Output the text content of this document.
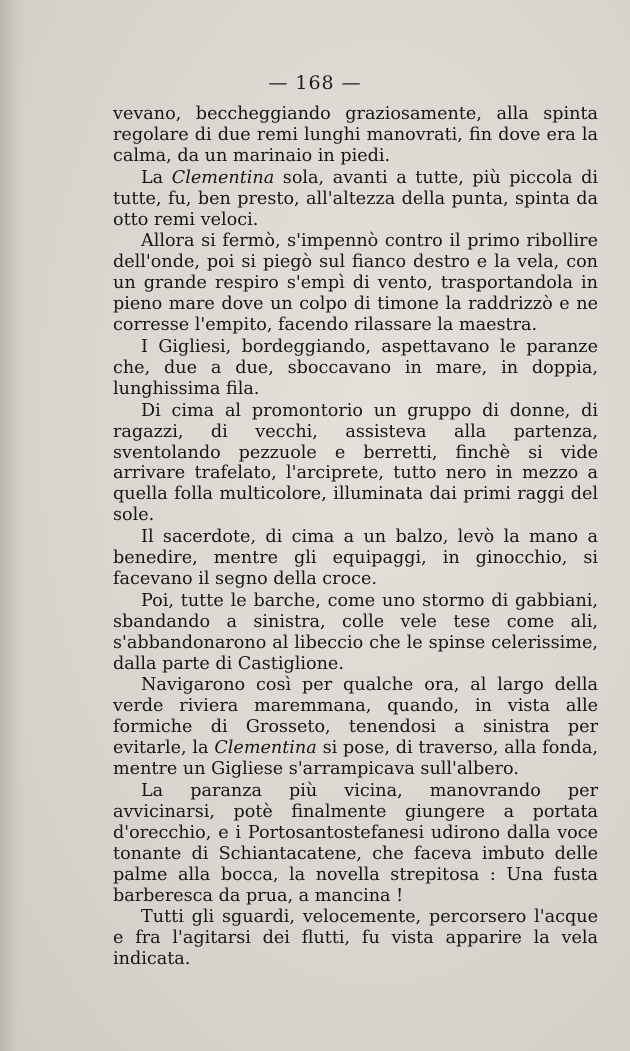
— 168 —

vevano, beccheggiando graziosamente, alla spinta regolare di due remi lunghi manovrati, fin dove era la calma, da un marinaio in piedi.

La Clementina sola, avanti a tutte, più piccola di tutte, fu, ben presto, all'altezza della punta, spinta da otto remi veloci.

Allora si fermò, s'impennò contro il primo ribollire dell'onde, poi si piegò sul fianco destro e la vela, con un grande respiro s'empì di vento, trasportandola in pieno mare dove un colpo di timone la raddrizzò e ne corresse l'empito, facendo rilassare la maestra.

I Gigliesi, bordeggiando, aspettavano le paranze che, due a due, sboccavano in mare, in doppia, lunghissima fila.

Di cima al promontorio un gruppo di donne, di ragazzi, di vecchi, assisteva alla partenza, sventolando pezzuole e berretti, finchè si vide arrivare trafelato, l'arciprete, tutto nero in mezzo a quella folla multicolore, illuminata dai primi raggi del sole.

Il sacerdote, di cima a un balzo, levò la mano a benedire, mentre gli equipaggi, in ginocchio, si facevano il segno della croce.

Poi, tutte le barche, come uno stormo di gabbiani, sbandando a sinistra, colle vele tese come ali, s'abbandonarono al libeccio che le spinse celerissime, dalla parte di Castiglione.

Navigarono così per qualche ora, al largo della verde riviera maremmana, quando, in vista alle formiche di Grosseto, tenendosi a sinistra per evitarle, la Clementina si pose, di traverso, alla fonda, mentre un Gigliese s'arrampicava sull'albero.

La paranza più vicina, manovrando per avvicinarsi, potè finalmente giungere a portata d'orecchio, e i Portosantostefanesi udirono dalla voce tonante di Schiantacatene, che faceva imbuto delle palme alla bocca, la novella strepitosa : Una fusta barberesca da prua, a mancina !

Tutti gli sguardi, velocemente, percorsero l'acque e fra l'agitarsi dei flutti, fu vista apparire la vela indicata.
